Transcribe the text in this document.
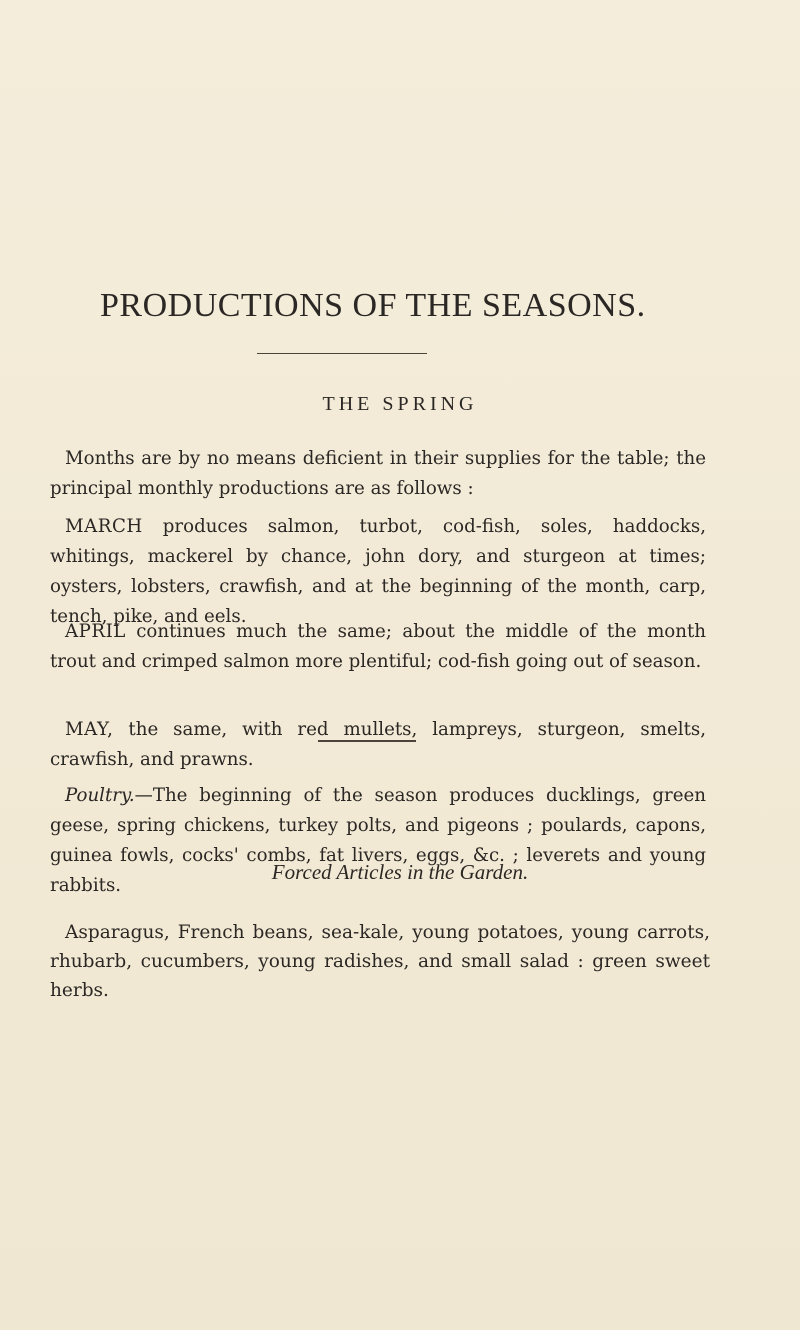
PRODUCTIONS OF THE SEASONS.
THE SPRING

Months are by no means deficient in their supplies for the table; the principal monthly productions are as follows :

MARCH produces salmon, turbot, cod-fish, soles, haddocks, whitings, mackerel by chance, john dory, and sturgeon at times; oysters, lobsters, crawfish, and at the beginning of the month, carp, tench, pike, and eels.

APRIL continues much the same; about the middle of the month trout and crimped salmon more plentiful; cod-fish going out of season.

MAY, the same, with red mullets, lampreys, sturgeon, smelts, crawfish, and prawns.

Poultry.—The beginning of the season produces ducklings, green geese, spring chickens, turkey polts, and pigeons ; poulards, capons, guinea fowls, cocks' combs, fat livers, eggs, &c. ; leverets and young rabbits.

Forced Articles in the Garden.

Asparagus, French beans, sea-kale, young potatoes, young carrots, rhubarb, cucumbers, young radishes, and small salad : green sweet herbs.
